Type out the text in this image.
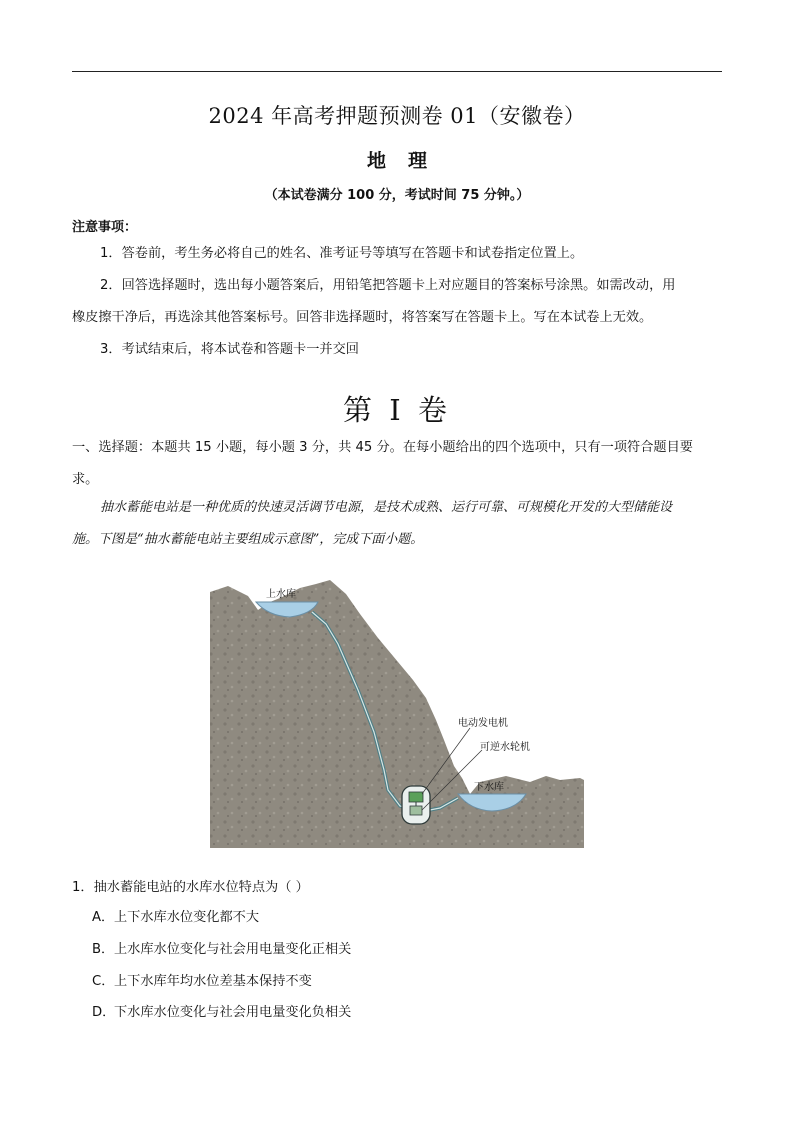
2024 年高考押题预测卷 01（安徽卷）
地理
（本试卷满分 100 分，考试时间 75 分钟。）
注意事项：
1．答卷前，考生务必将自己的姓名、准考证号等填写在答题卡和试卷指定位置上。
2．回答选择题时，选出每小题答案后，用铅笔把答题卡上对应题目的答案标号涂黑。如需改动，用
橡皮擦干净后，再选涂其他答案标号。回答非选择题时，将答案写在答题卡上。写在本试卷上无效。
3．考试结束后，将本试卷和答题卡一并交回
第 I 卷
一、选择题：本题共 15 小题，每小题 3 分，共 45 分。在每小题给出的四个选项中，只有一项符合题目要
求。
抽水蓄能电站是一种优质的快速灵活调节电源，是技术成熟、运行可靠、可规模化开发的大型储能设
施。下图是“抽水蓄能电站主要组成示意图”，完成下面小题。
上水库
电动发电机
可逆水轮机
下水库
1．抽水蓄能电站的水库水位特点为（ ）
A．上下水库水位变化都不大
B．上水库水位变化与社会用电量变化正相关
C．上下水库年均水位差基本保持不变
D．下水库水位变化与社会用电量变化负相关
